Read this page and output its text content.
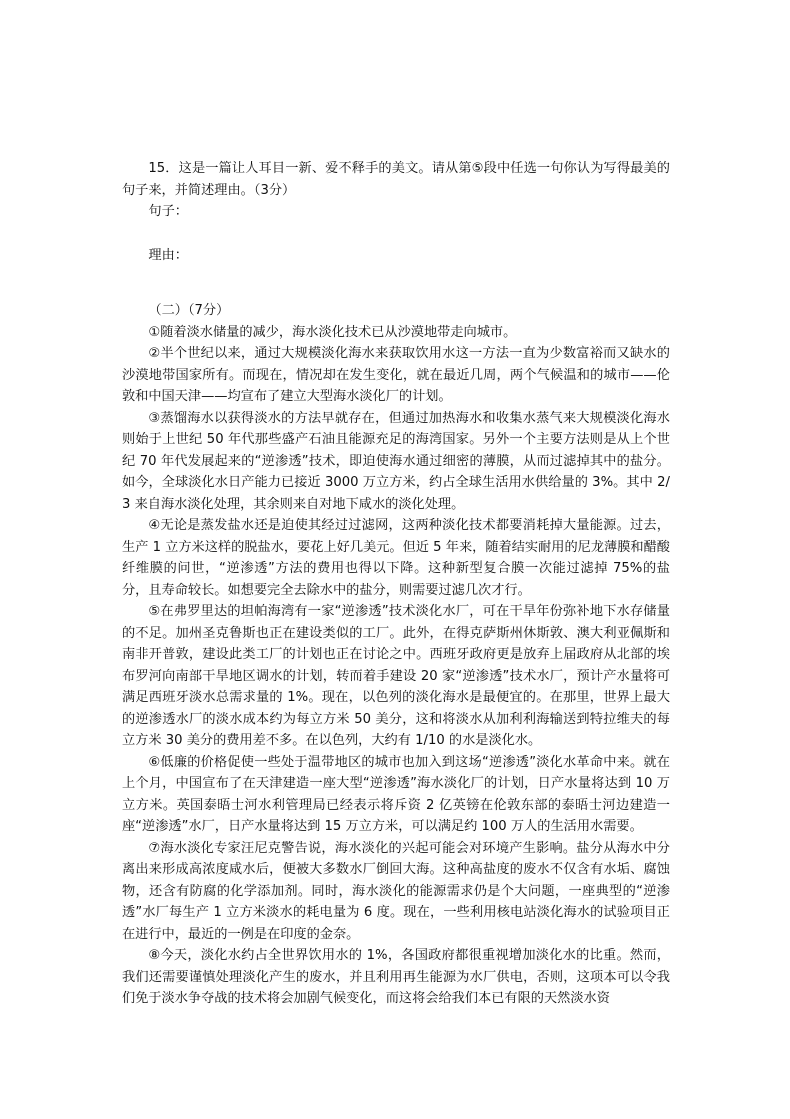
15．这是一篇让人耳目一新、爱不释手的美文。请从第⑤段中任选一句你认为写得最美的句子来，并简述理由。（3分）

句子：

理由：

（二）（7分）

①随着淡水储量的减少，海水淡化技术已从沙漠地带走向城市。

②半个世纪以来，通过大规模淡化海水来获取饮用水这一方法一直为少数富裕而又缺水的沙漠地带国家所有。而现在，情况却在发生变化，就在最近几周，两个气候温和的城市——伦敦和中国天津——均宣布了建立大型海水淡化厂的计划。

③蒸馏海水以获得淡水的方法早就存在，但通过加热海水和收集水蒸气来大规模淡化海水则始于上世纪 50 年代那些盛产石油且能源充足的海湾国家。另外一个主要方法则是从上个世纪 70 年代发展起来的“逆渗透”技术，即迫使海水通过细密的薄膜，从而过滤掉其中的盐分。如今，全球淡化水日产能力已接近 3000 万立方米，约占全球生活用水供给量的 3%。其中 2/3 来自海水淡化处理，其余则来自对地下咸水的淡化处理。

④无论是蒸发盐水还是迫使其经过过滤网，这两种淡化技术都要消耗掉大量能源。过去，生产 1 立方米这样的脱盐水，要花上好几美元。但近 5 年来，随着结实耐用的尼龙薄膜和醋酸纤维膜的问世，“逆渗透”方法的费用也得以下降。这种新型复合膜一次能过滤掉 75%的盐分，且寿命较长。如想要完全去除水中的盐分，则需要过滤几次才行。

⑤在弗罗里达的坦帕海湾有一家“逆渗透”技术淡化水厂，可在干旱年份弥补地下水存储量的不足。加州圣克鲁斯也正在建设类似的工厂。此外，在得克萨斯州休斯敦、澳大利亚佩斯和南非开普敦，建设此类工厂的计划也正在讨论之中。西班牙政府更是放弃上届政府从北部的埃布罗河向南部干旱地区调水的计划，转而着手建设 20 家“逆渗透”技术水厂，预计产水量将可满足西班牙淡水总需求量的 1%。现在，以色列的淡化海水是最便宜的。在那里，世界上最大的逆渗透水厂的淡水成本约为每立方米 50 美分，这和将淡水从加利利海输送到特拉维夫的每立方米 30 美分的费用差不多。在以色列，大约有 1/10 的水是淡化水。

⑥低廉的价格促使一些处于温带地区的城市也加入到这场“逆渗透”淡化水革命中来。就在上个月，中国宣布了在天津建造一座大型“逆渗透”海水淡化厂的计划，日产水量将达到 10 万立方米。英国泰晤士河水利管理局已经表示将斥资 2 亿英镑在伦敦东部的泰晤士河边建造一座“逆渗透”水厂，日产水量将达到 15 万立方米，可以满足约 100 万人的生活用水需要。

⑦海水淡化专家汪尼克警告说，海水淡化的兴起可能会对环境产生影响。盐分从海水中分离出来形成高浓度咸水后，便被大多数水厂倒回大海。这种高盐度的废水不仅含有水垢、腐蚀物，还含有防腐的化学添加剂。同时，海水淡化的能源需求仍是个大问题，一座典型的“逆渗透”水厂每生产 1 立方米淡水的耗电量为 6 度。现在，一些利用核电站淡化海水的试验项目正在进行中，最近的一例是在印度的金奈。

⑧今天，淡化水约占全世界饮用水的 1%，各国政府都很重视增加淡化水的比重。然而，我们还需要谨慎处理淡化产生的废水，并且利用再生能源为水厂供电，否则，这项本可以令我们免于淡水争夺战的技术将会加剧气候变化，而这将会给我们本已有限的天然淡水资
